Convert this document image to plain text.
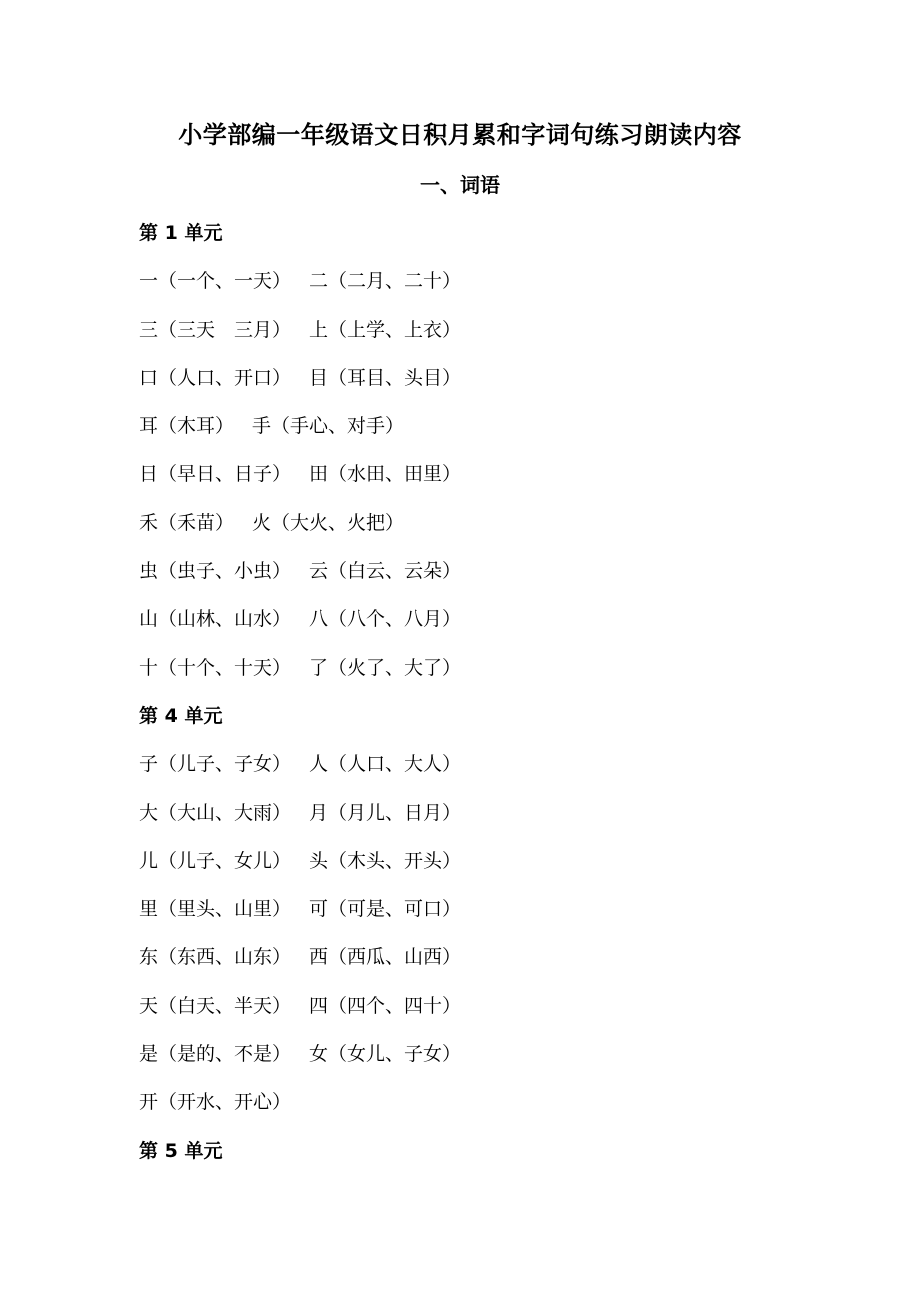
小学部编一年级语文日积月累和字词句练习朗读内容
一、词语
第 1 单元
一（一个、一天） 二（二月、二十）
三（三天　三月） 上（上学、上衣）
口（人口、开口） 目（耳目、头目）
耳（木耳） 手（手心、对手）
日（早日、日子） 田（水田、田里）
禾（禾苗） 火（大火、火把）
虫（虫子、小虫） 云（白云、云朵）
山（山林、山水） 八（八个、八月）
十（十个、十天） 了（火了、大了）
第 4 单元
子（儿子、子女） 人（人口、大人）
大（大山、大雨） 月（月儿、日月）
儿（儿子、女儿） 头（木头、开头）
里（里头、山里） 可（可是、可口）
东（东西、山东） 西（西瓜、山西）
天（白天、半天） 四（四个、四十）
是（是的、不是） 女（女儿、子女）
开（开水、开心）
第 5 单元
